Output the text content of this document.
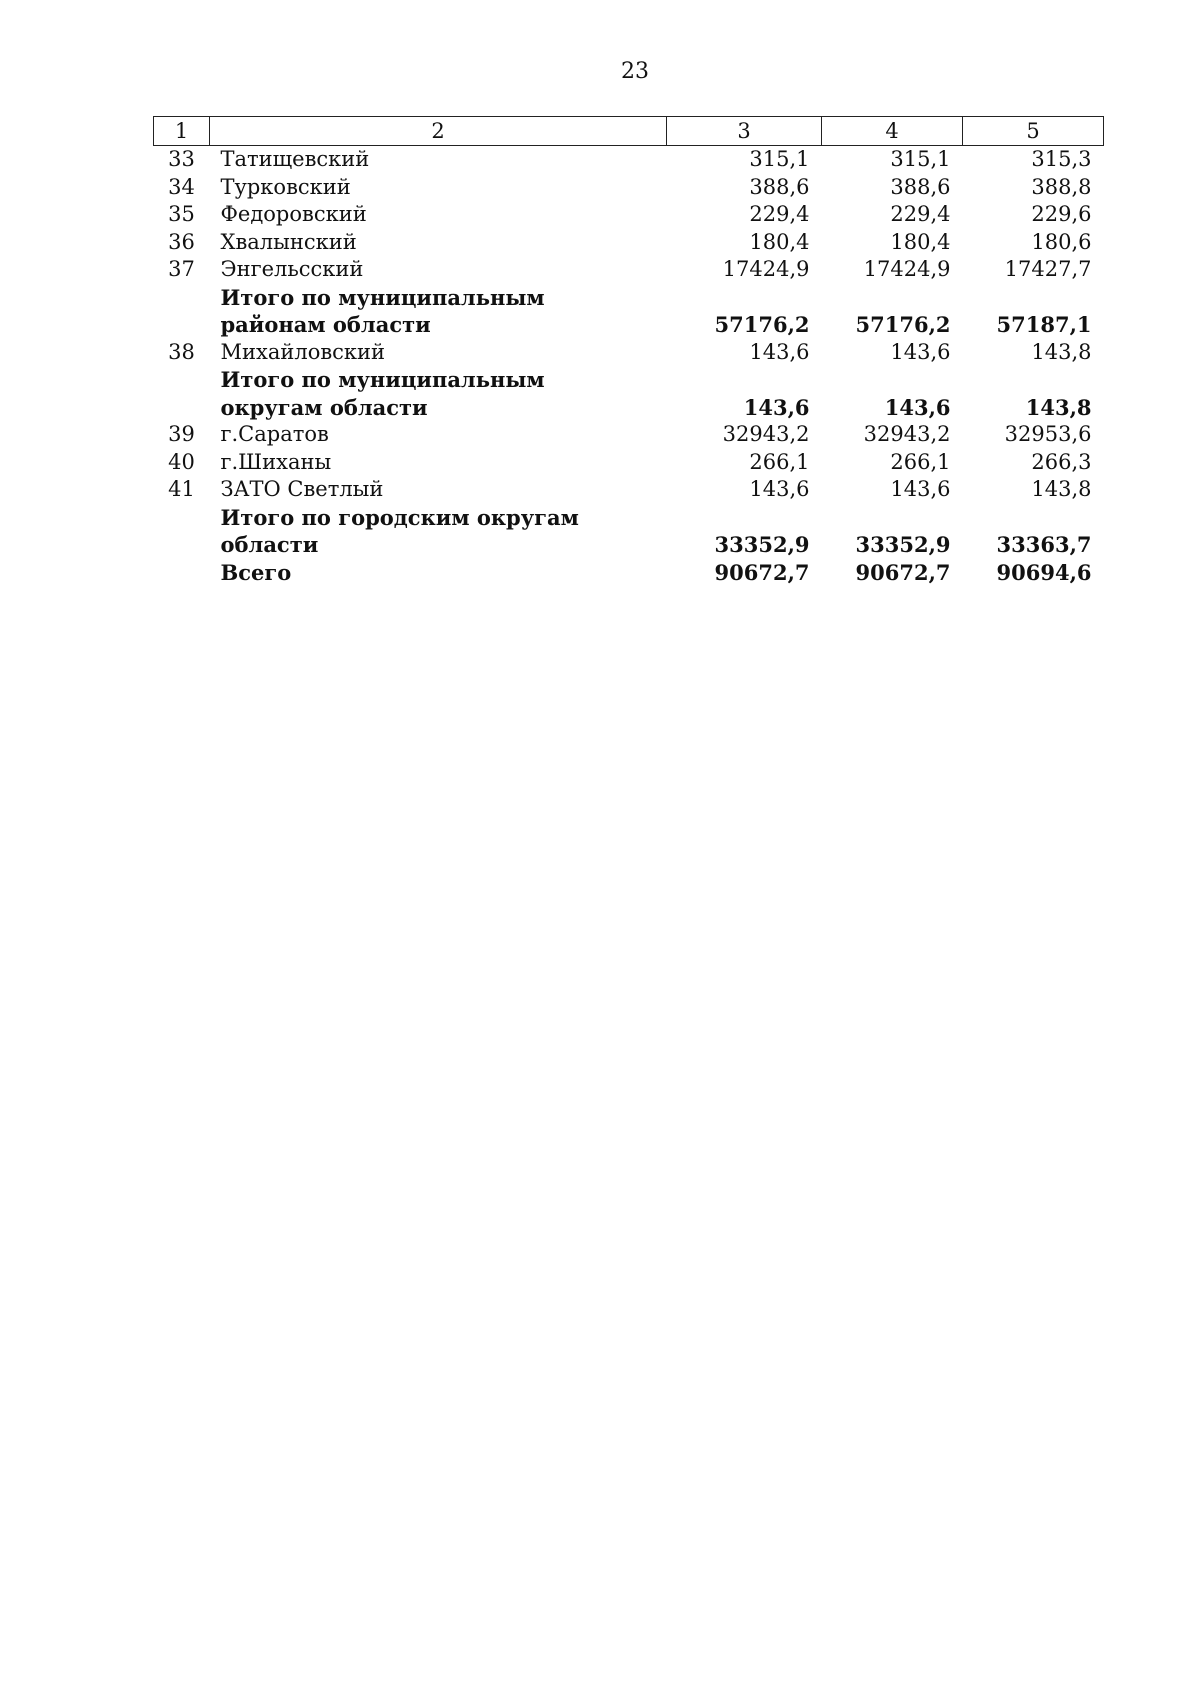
23
1	2	3	4	5
33	Татищевский	315,1	315,1	315,3
34	Турковский	388,6	388,6	388,8
35	Федоровский	229,4	229,4	229,6
36	Хвалынский	180,4	180,4	180,6
37	Энгельсский	17424,9	17424,9	17427,7
	Итого по муниципальным районам области	57176,2	57176,2	57187,1
38	Михайловский	143,6	143,6	143,8
	Итого по муниципальным округам области	143,6	143,6	143,8
39	г.Саратов	32943,2	32943,2	32953,6
40	г.Шиханы	266,1	266,1	266,3
41	ЗАТО Светлый	143,6	143,6	143,8
	Итого по городским округам области	33352,9	33352,9	33363,7
	Всего	90672,7	90672,7	90694,6
